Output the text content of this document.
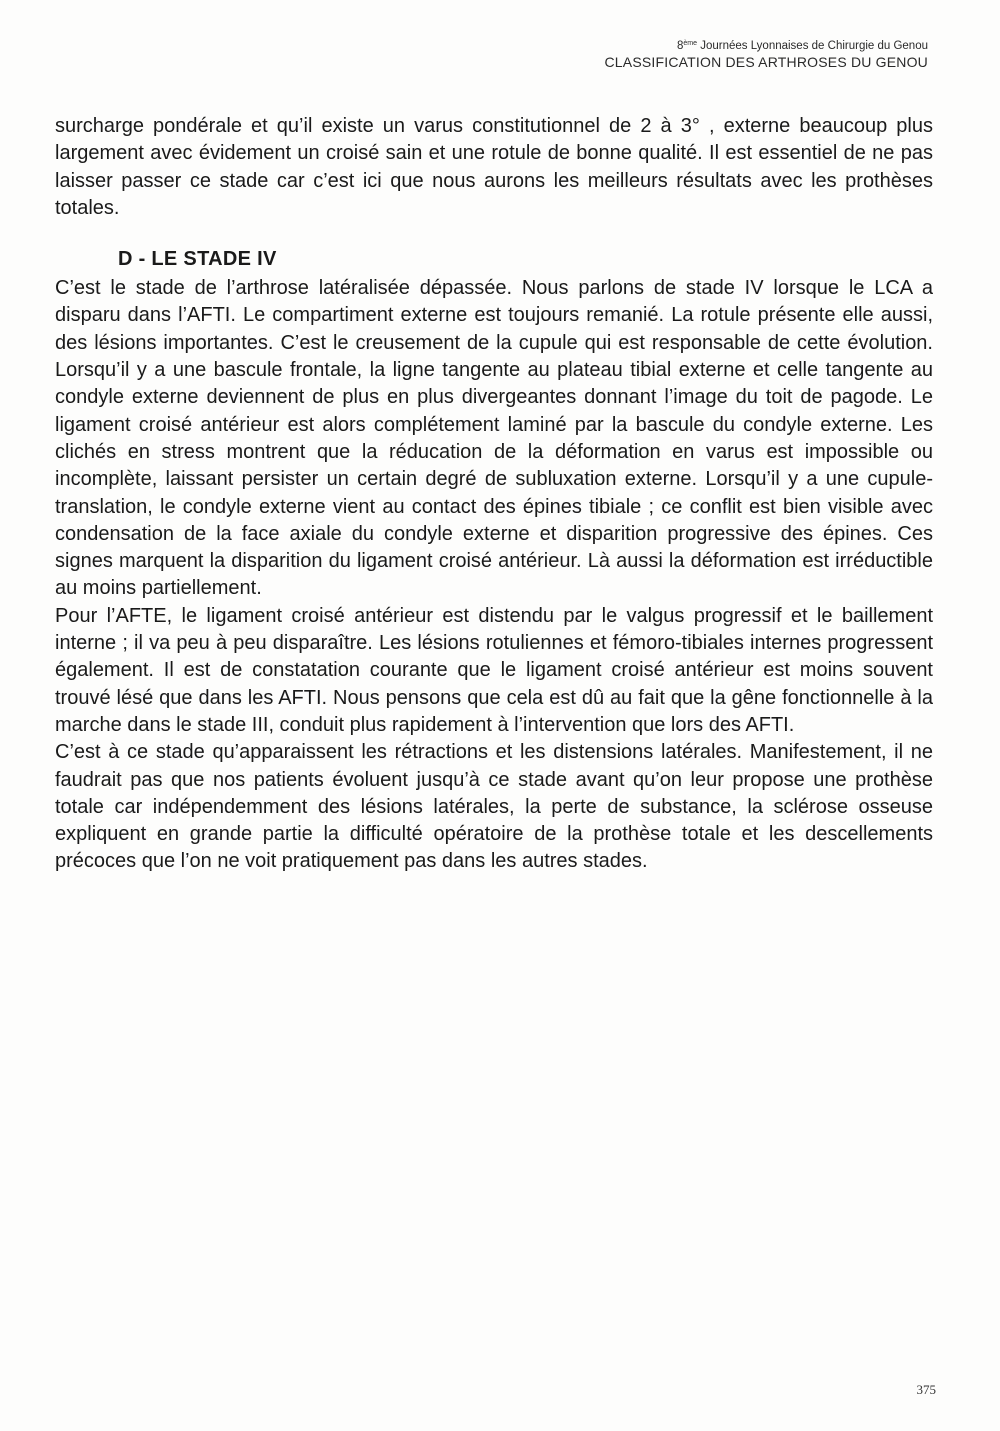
8ème Journées Lyonnaises de Chirurgie du Genou
CLASSIFICATION DES ARTHROSES DU GENOU

surcharge pondérale et qu’il existe un varus constitutionnel de 2 à 3° , externe beaucoup plus largement avec évidement un croisé sain et une rotule de bonne qualité. Il est essentiel de ne pas laisser passer ce stade car c’est ici que nous aurons les meilleurs résultats avec les prothèses totales.

D - LE STADE IV

C’est le stade de l’arthrose latéralisée dépassée. Nous parlons de stade IV lorsque le LCA a disparu dans l’AFTI. Le compartiment externe est toujours remanié. La rotule présente elle aussi, des lésions importantes. C’est le creusement de la cupule qui est responsable de cette évolution. Lorsqu’il y a une bascule frontale, la ligne tangente au plateau tibial externe et celle tangente au condyle externe deviennent de plus en plus divergeantes donnant l’image du toit de pagode. Le ligament croisé antérieur est alors complétement laminé par la bascule du condyle externe. Les clichés en stress montrent que la réducation de la déformation en varus est impossible ou incomplète, laissant persister un certain degré de subluxation externe. Lorsqu’il y a une cupule-translation, le condyle externe vient au contact des épines tibiale ; ce conflit est bien visible avec condensation de la face axiale du condyle externe et disparition progressive des épines. Ces signes marquent la disparition du ligament croisé antérieur. Là aussi la déformation est irréductible au moins partiellement.

Pour l’AFTE, le ligament croisé antérieur est distendu par le valgus progressif et le baillement interne ; il va peu à peu disparaître. Les lésions rotuliennes et fémoro-tibiales internes progressent également. Il est de constatation courante que le ligament croisé antérieur est moins souvent trouvé lésé que dans les AFTI. Nous pensons que cela est dû au fait que la gêne fonctionnelle à la marche dans le stade III, conduit plus rapidement à l’intervention que lors des AFTI.

C’est à ce stade qu’apparaissent les rétractions et les distensions latérales. Manifestement, il ne faudrait pas que nos patients évoluent jusqu’à ce stade avant qu’on leur propose une prothèse totale car indépendemment des lésions latérales, la perte de substance, la sclérose osseuse expliquent en grande partie la difficulté opératoire de la prothèse totale et les descellements précoces que l’on ne voit pratiquement pas dans les autres stades.

375
